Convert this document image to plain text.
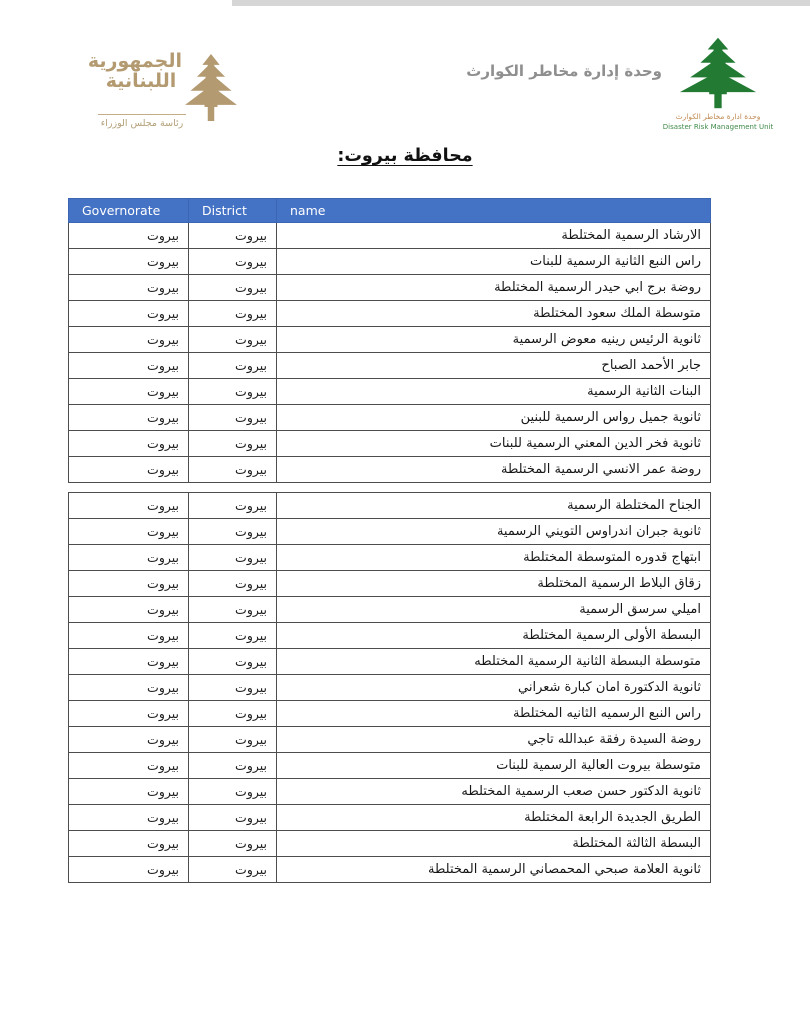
الجمهورية
اللبنانية
رئاسة مجلس الوزراء
وحدة إدارة مخاطر الكوارث
وحدة ادارة مخاطر الكوارث
Disaster Risk Management Unit
محافظة بيروت:
Governorate	District	name
بيروت	بيروت	الارشاد الرسمية المختلطة
بيروت	بيروت	راس النبع الثانية الرسمية للبنات
بيروت	بيروت	روضة برج ابي حيدر الرسمية المختلطة
بيروت	بيروت	متوسطة الملك سعود المختلطة
بيروت	بيروت	ثانوية الرئيس رينيه معوض الرسمية
بيروت	بيروت	جابر الأحمد الصباح
بيروت	بيروت	البنات الثانية الرسمية
بيروت	بيروت	ثانوية جميل رواس الرسمية للبنين
بيروت	بيروت	ثانوية فخر الدين المعني الرسمية للبنات
بيروت	بيروت	روضة عمر الانسي الرسمية المختلطة
بيروت	بيروت	الجناح المختلطة الرسمية
بيروت	بيروت	ثانوية جبران اندراوس التويني الرسمية
بيروت	بيروت	ابتهاج قدوره المتوسطة المختلطة
بيروت	بيروت	زقاق البلاط الرسمية المختلطة
بيروت	بيروت	اميلي سرسق الرسمية
بيروت	بيروت	البسطة الأولى الرسمية المختلطة
بيروت	بيروت	متوسطة البسطة الثانية الرسمية المختلطه
بيروت	بيروت	ثانوية الدكتورة امان كبارة شعراني
بيروت	بيروت	راس النبع الرسميه الثانيه المختلطة
بيروت	بيروت	روضة السيدة رفقة عبدالله تاجي
بيروت	بيروت	متوسطة بيروت العالية الرسمية للبنات
بيروت	بيروت	ثانوية الدكتور حسن صعب الرسمية المختلطه
بيروت	بيروت	الطريق الجديدة الرابعة المختلطة
بيروت	بيروت	البسطة الثالثة المختلطة
بيروت	بيروت	ثانوية العلامة صبحي المحمصاني الرسمية المختلطة
